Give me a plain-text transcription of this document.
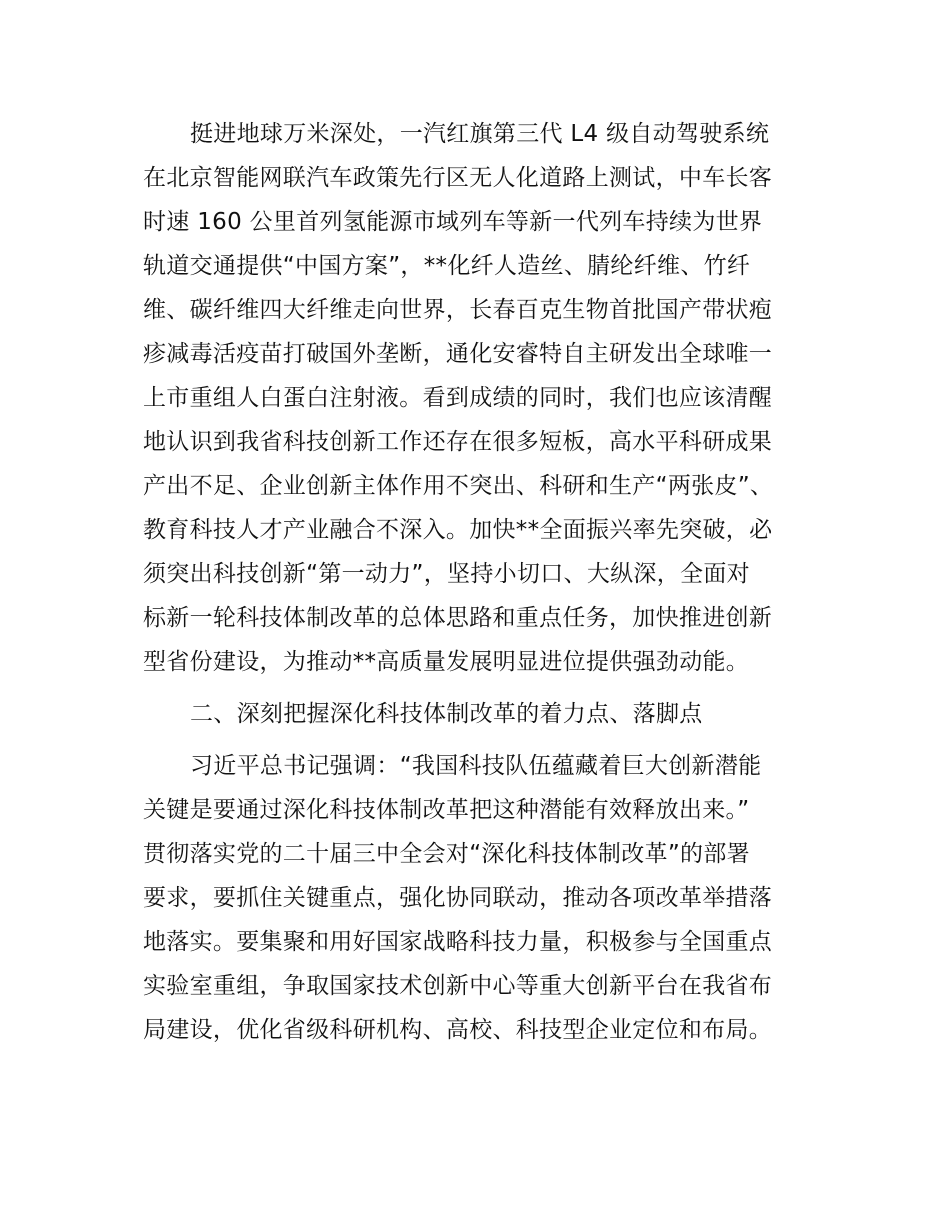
挺进地球万米深处，一汽红旗第三代 L4 级自动驾驶系统
在北京智能网联汽车政策先行区无人化道路上测试，中车长客
时速 160 公里首列氢能源市域列车等新一代列车持续为世界
轨道交通提供“中国方案”，**化纤人造丝、腈纶纤维、竹纤
维、碳纤维四大纤维走向世界，长春百克生物首批国产带状疱
疹减毒活疫苗打破国外垄断，通化安睿特自主研发出全球唯一
上市重组人白蛋白注射液。看到成绩的同时，我们也应该清醒
地认识到我省科技创新工作还存在很多短板，高水平科研成果
产出不足、企业创新主体作用不突出、科研和生产“两张皮”、
教育科技人才产业融合不深入。加快**全面振兴率先突破，必
须突出科技创新“第一动力”，坚持小切口、大纵深，全面对
标新一轮科技体制改革的总体思路和重点任务，加快推进创新
型省份建设，为推动**高质量发展明显进位提供强劲动能。
二、深刻把握深化科技体制改革的着力点、落脚点
习近平总书记强调：“我国科技队伍蕴藏着巨大创新潜能
关键是要通过深化科技体制改革把这种潜能有效释放出来。”
贯彻落实党的二十届三中全会对“深化科技体制改革”的部署
要求，要抓住关键重点，强化协同联动，推动各项改革举措落
地落实。要集聚和用好国家战略科技力量，积极参与全国重点
实验室重组，争取国家技术创新中心等重大创新平台在我省布
局建设，优化省级科研机构、高校、科技型企业定位和布局。
